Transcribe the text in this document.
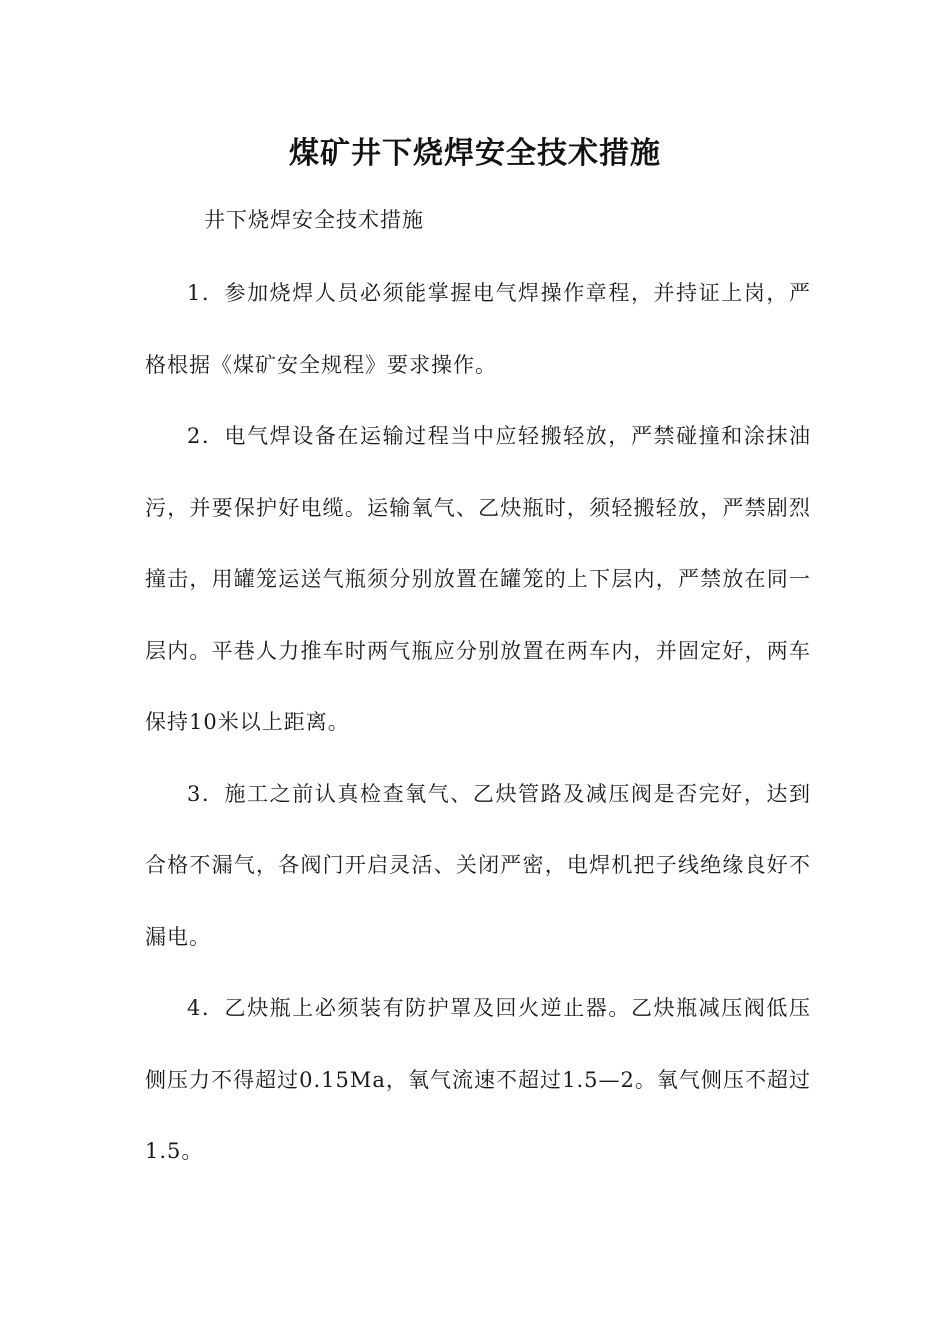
煤矿井下烧焊安全技术措施
井下烧焊安全技术措施

1．参加烧焊人员必须能掌握电气焊操作章程，并持证上岗，严格根据《煤矿安全规程》要求操作。

2．电气焊设备在运输过程当中应轻搬轻放，严禁碰撞和涂抹油污，并要保护好电缆。运输氧气、乙炔瓶时，须轻搬轻放，严禁剧烈撞击，用罐笼运送气瓶须分别放置在罐笼的上下层内，严禁放在同一层内。平巷人力推车时两气瓶应分别放置在两车内，并固定好，两车保持10米以上距离。

3．施工之前认真检查氧气、乙炔管路及减压阀是否完好，达到合格不漏气，各阀门开启灵活、关闭严密，电焊机把子线绝缘良好不漏电。

4．乙炔瓶上必须装有防护罩及回火逆止器。乙炔瓶减压阀低压侧压力不得超过0.15Ma，氧气流速不超过1.5—2。氧气侧压不超过1.5。
